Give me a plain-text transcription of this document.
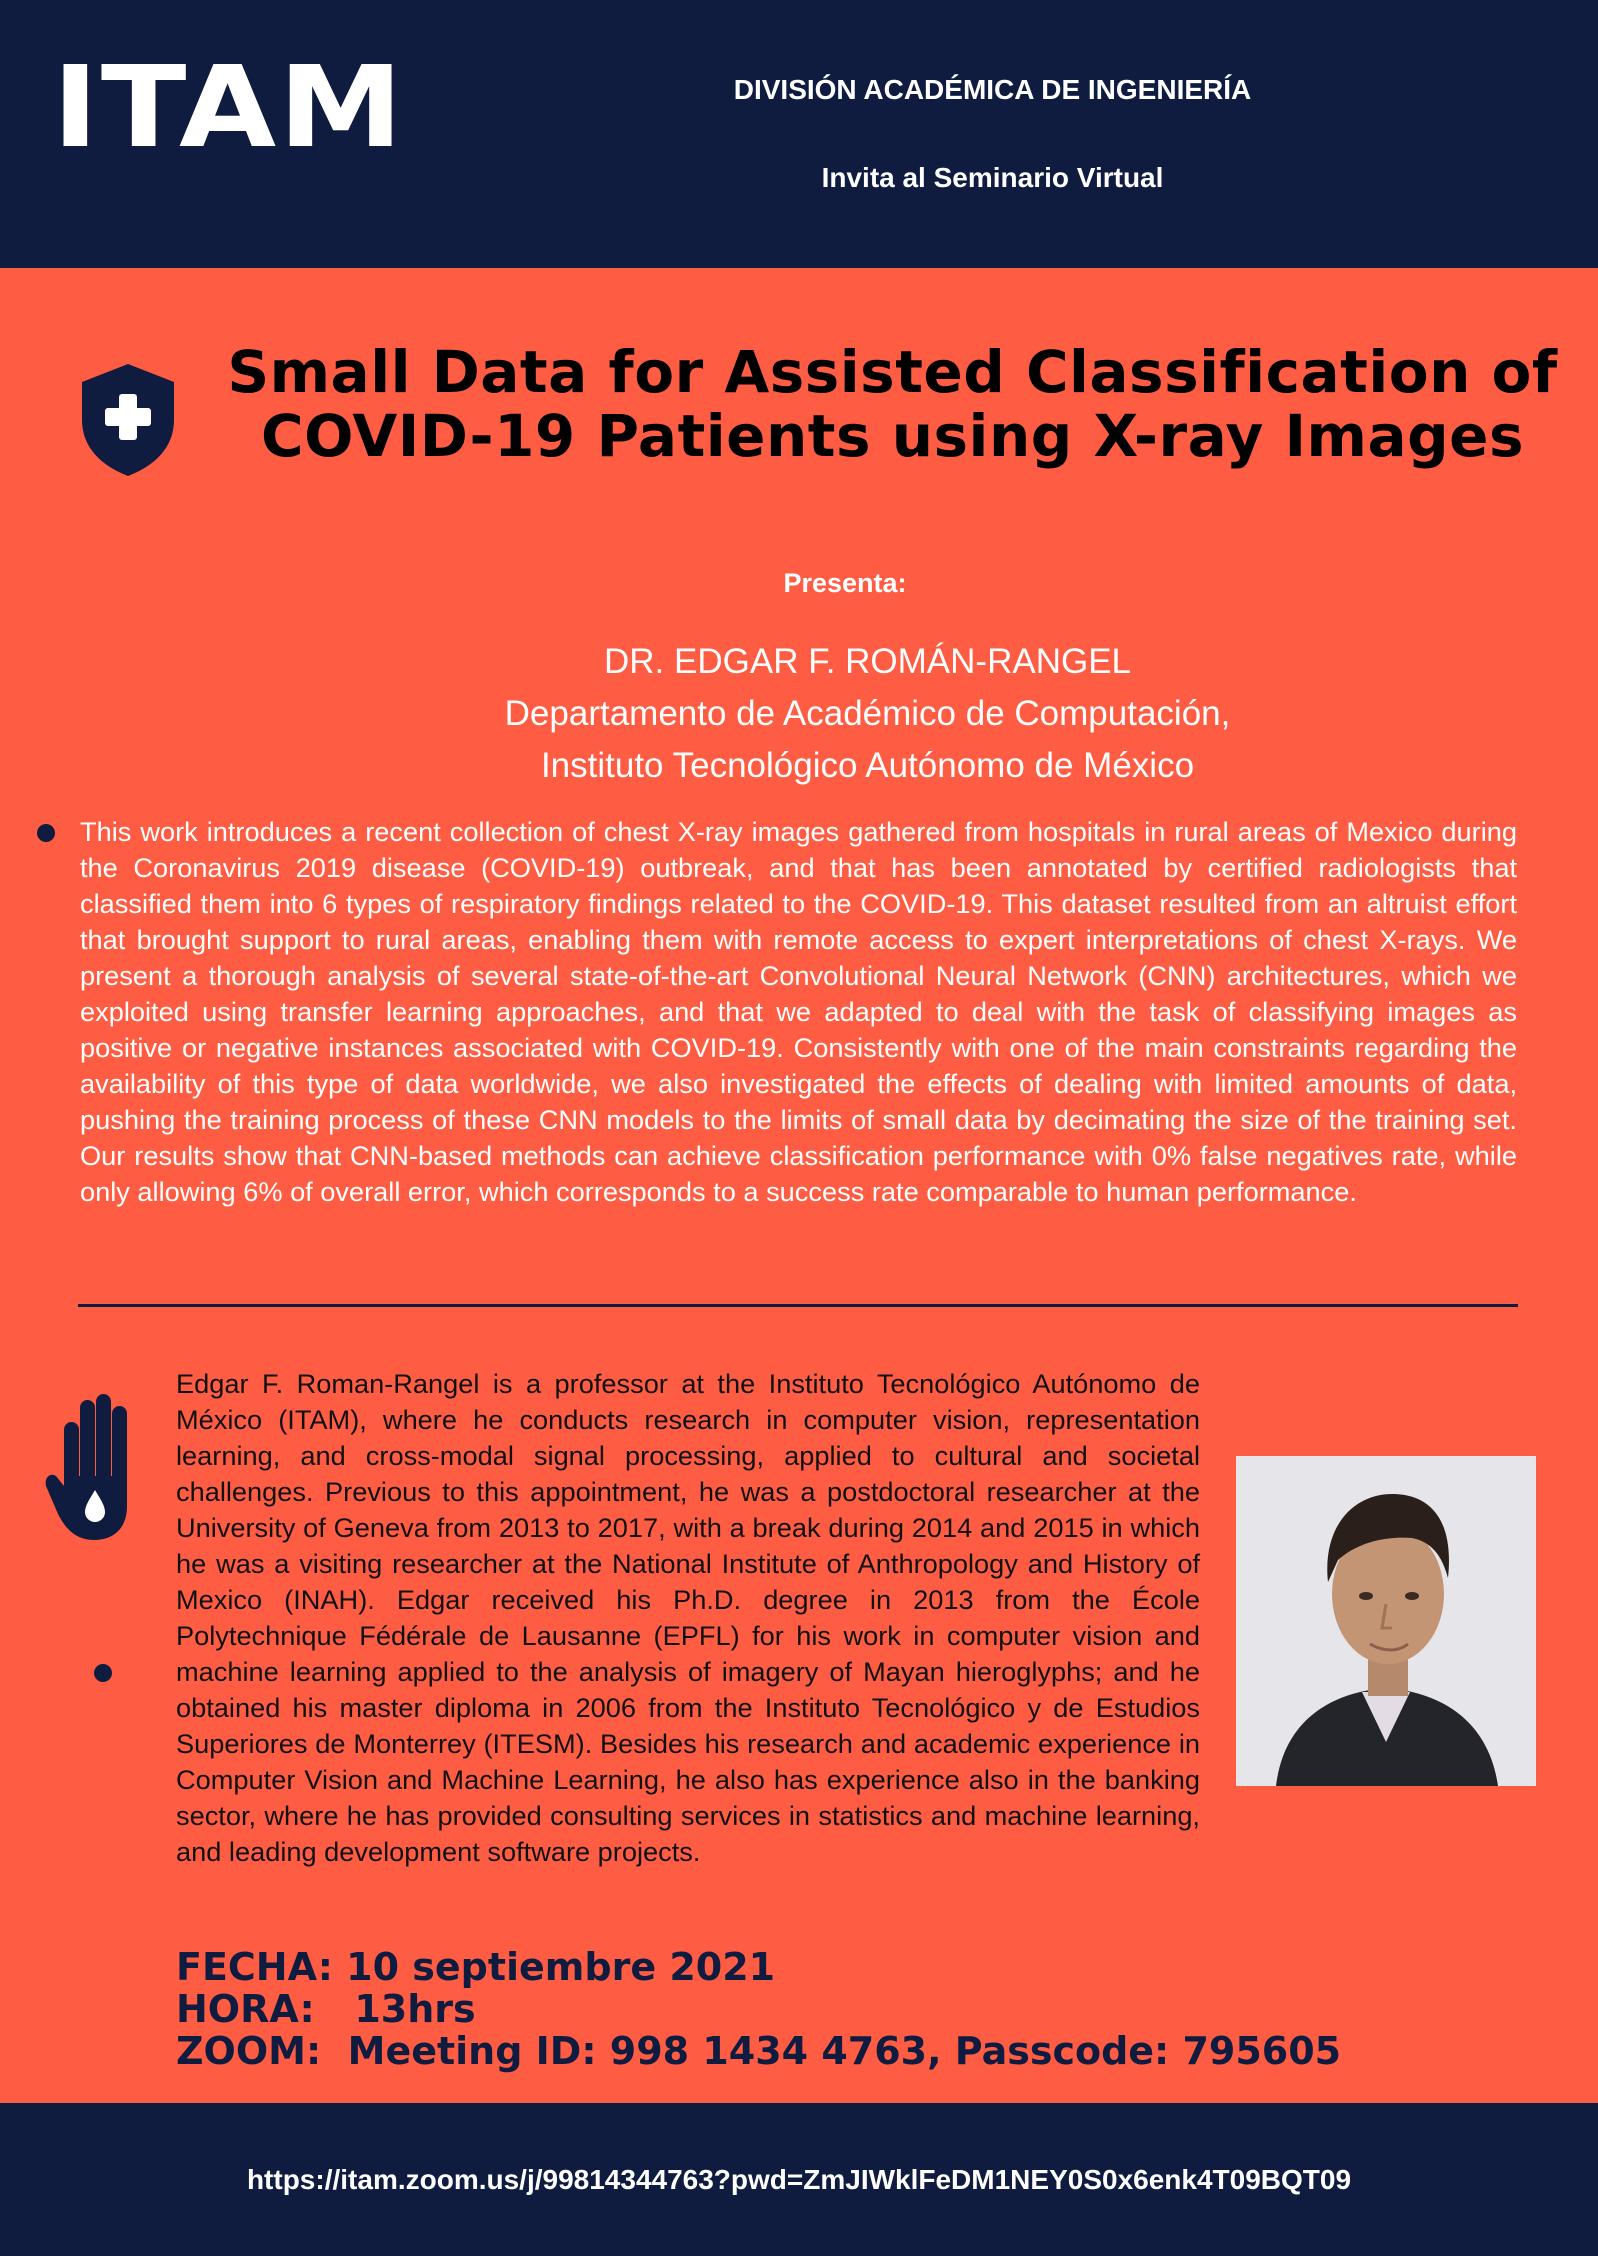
ITAM	DIVISIÓN ACADÉMICA DE INGENIERÍA
Invita al Seminario Virtual
Small Data for Assisted Classification of COVID-19 Patients using X-ray Images
Presenta:
DR. EDGAR F. ROMÁN-RANGEL
Departamento de Académico de Computación,
Instituto Tecnológico Autónomo de México
This work introduces a recent collection of chest X-ray images gathered from hospitals in rural areas of Mexico during the Coronavirus 2019 disease (COVID-19) outbreak, and that has been annotated by certified radiologists that classified them into 6 types of respiratory findings related to the COVID-19. This dataset resulted from an altruist effort that brought support to rural areas, enabling them with remote access to expert interpretations of chest X-rays. We present a thorough analysis of several state-of-the-art Convolutional Neural Network (CNN) architectures, which we exploited using transfer learning approaches, and that we adapted to deal with the task of classifying images as positive or negative instances associated with COVID-19. Consistently with one of the main constraints regarding the availability of this type of data worldwide, we also investigated the effects of dealing with limited amounts of data, pushing the training process of these CNN models to the limits of small data by decimating the size of the training set. Our results show that CNN-based methods can achieve classification performance with 0% false negatives rate, while only allowing 6% of overall error, which corresponds to a success rate comparable to human performance.
Edgar F. Roman-Rangel is a professor at the Instituto Tecnológico Autónomo de México (ITAM), where he conducts research in computer vision, representation learning, and cross-modal signal processing, applied to cultural and societal challenges. Previous to this appointment, he was a postdoctoral researcher at the University of Geneva from 2013 to 2017, with a break during 2014 and 2015 in which he was a visiting researcher at the National Institute of Anthropology and History of Mexico (INAH). Edgar received his Ph.D. degree in 2013 from the École Polytechnique Fédérale de Lausanne (EPFL) for his work in computer vision and machine learning applied to the analysis of imagery of Mayan hieroglyphs; and he obtained his master diploma in 2006 from the Instituto Tecnológico y de Estudios Superiores de Monterrey (ITESM). Besides his research and academic experience in Computer Vision and Machine Learning, he also has experience also in the banking sector, where he has provided consulting services in statistics and machine learning, and leading development software projects.
FECHA: 10 septiembre 2021
HORA:   13hrs
ZOOM:  Meeting ID: 998 1434 4763, Passcode: 795605
https://itam.zoom.us/j/99814344763?pwd=ZmJIWklFeDM1NEY0S0x6enk4T09BQT09
